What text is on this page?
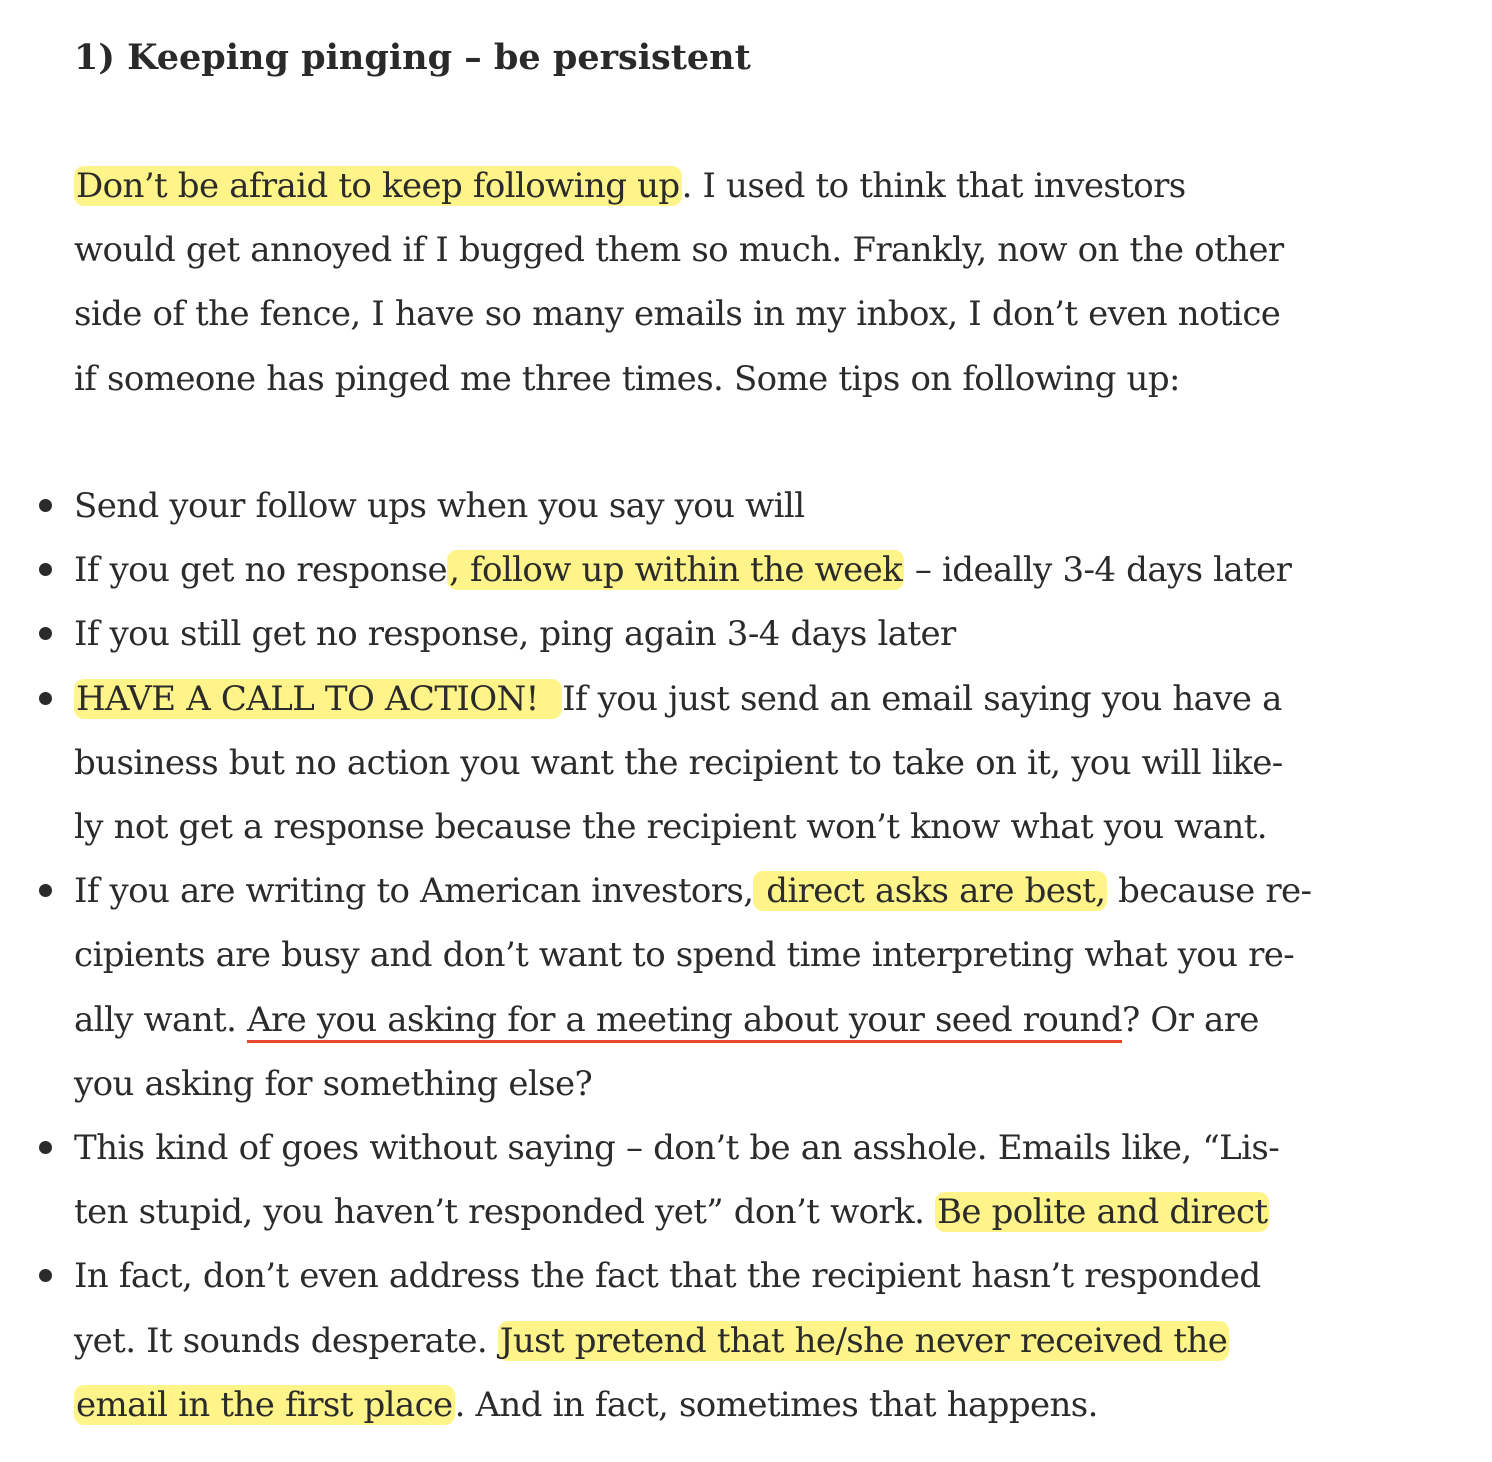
1) Keeping pinging – be persistent

Don’t be afraid to keep following up. I used to think that investors
would get annoyed if I bugged them so much. Frankly, now on the other
side of the fence, I have so many emails in my inbox, I don’t even notice
if someone has pinged me three times. Some tips on following up:

Send your follow ups when you say you will
If you get no response, follow up within the week – ideally 3-4 days later
If you still get no response, ping again 3-4 days later
HAVE A CALL TO ACTION!  If you just send an email saying you have a
business but no action you want the recipient to take on it, you will like-
ly not get a response because the recipient won’t know what you want.
If you are writing to American investors, direct asks are best, because re-
cipients are busy and don’t want to spend time interpreting what you re-
ally want. Are you asking for a meeting about your seed round? Or are
you asking for something else?
This kind of goes without saying – don’t be an asshole. Emails like, “Lis-
ten stupid, you haven’t responded yet” don’t work. Be polite and direct
In fact, don’t even address the fact that the recipient hasn’t responded
yet. It sounds desperate. Just pretend that he/she never received the
email in the first place. And in fact, sometimes that happens.
